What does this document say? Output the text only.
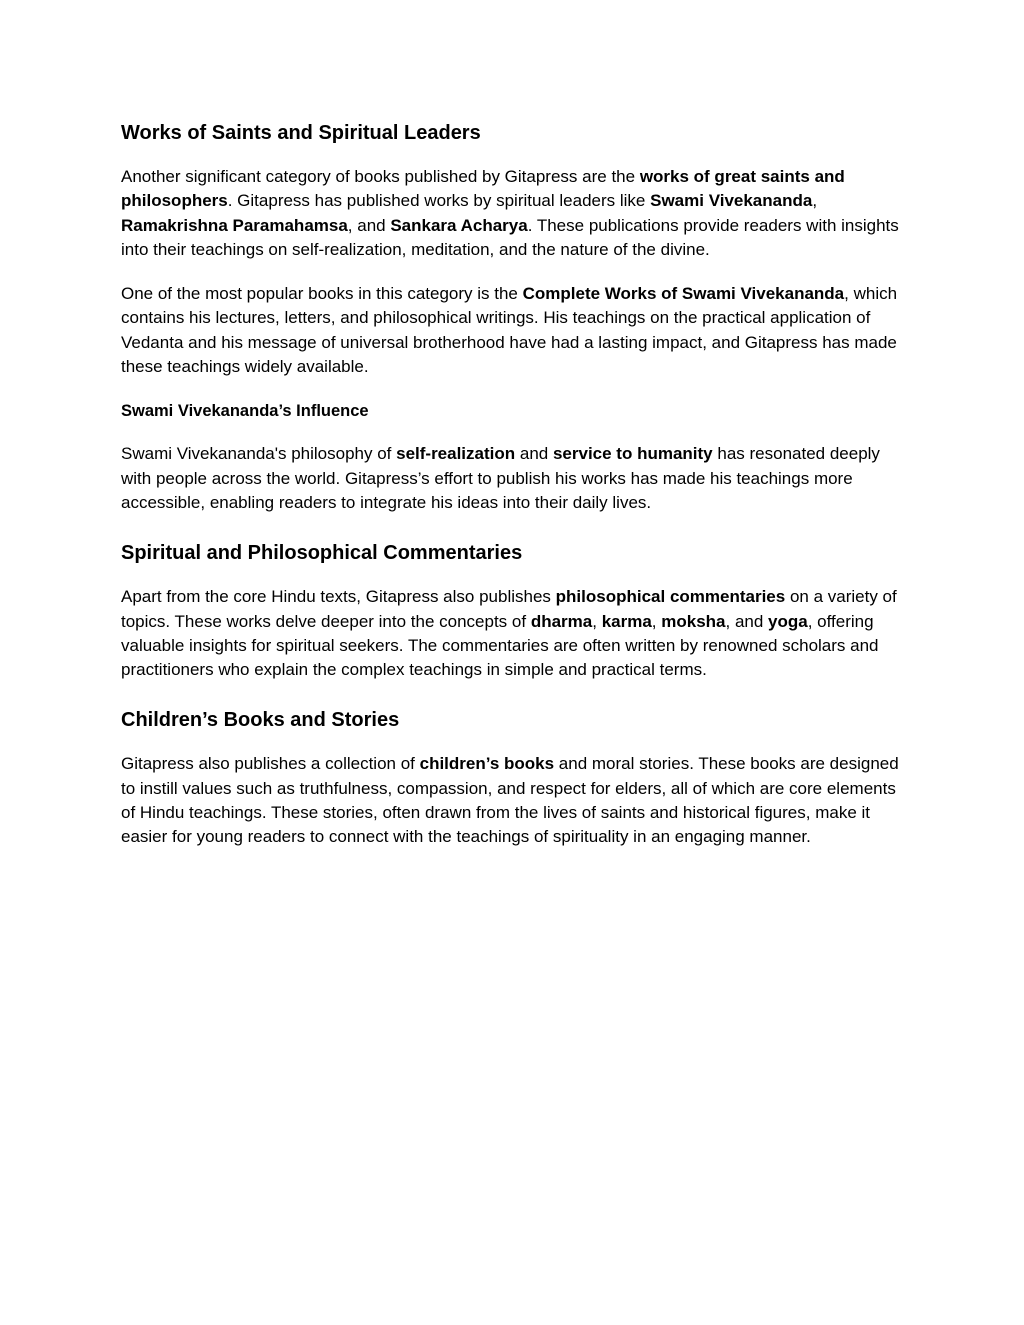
Works of Saints and Spiritual Leaders

Another significant category of books published by Gitapress are the works of great saints and philosophers. Gitapress has published works by spiritual leaders like Swami Vivekananda, Ramakrishna Paramahamsa, and Sankara Acharya. These publications provide readers with insights into their teachings on self-realization, meditation, and the nature of the divine.

One of the most popular books in this category is the Complete Works of Swami Vivekananda, which contains his lectures, letters, and philosophical writings. His teachings on the practical application of Vedanta and his message of universal brotherhood have had a lasting impact, and Gitapress has made these teachings widely available.

Swami Vivekananda’s Influence

Swami Vivekananda's philosophy of self-realization and service to humanity has resonated deeply with people across the world. Gitapress’s effort to publish his works has made his teachings more accessible, enabling readers to integrate his ideas into their daily lives.

Spiritual and Philosophical Commentaries

Apart from the core Hindu texts, Gitapress also publishes philosophical commentaries on a variety of topics. These works delve deeper into the concepts of dharma, karma, moksha, and yoga, offering valuable insights for spiritual seekers. The commentaries are often written by renowned scholars and practitioners who explain the complex teachings in simple and practical terms.

Children’s Books and Stories

Gitapress also publishes a collection of children’s books and moral stories. These books are designed to instill values such as truthfulness, compassion, and respect for elders, all of which are core elements of Hindu teachings. These stories, often drawn from the lives of saints and historical figures, make it easier for young readers to connect with the teachings of spirituality in an engaging manner.
